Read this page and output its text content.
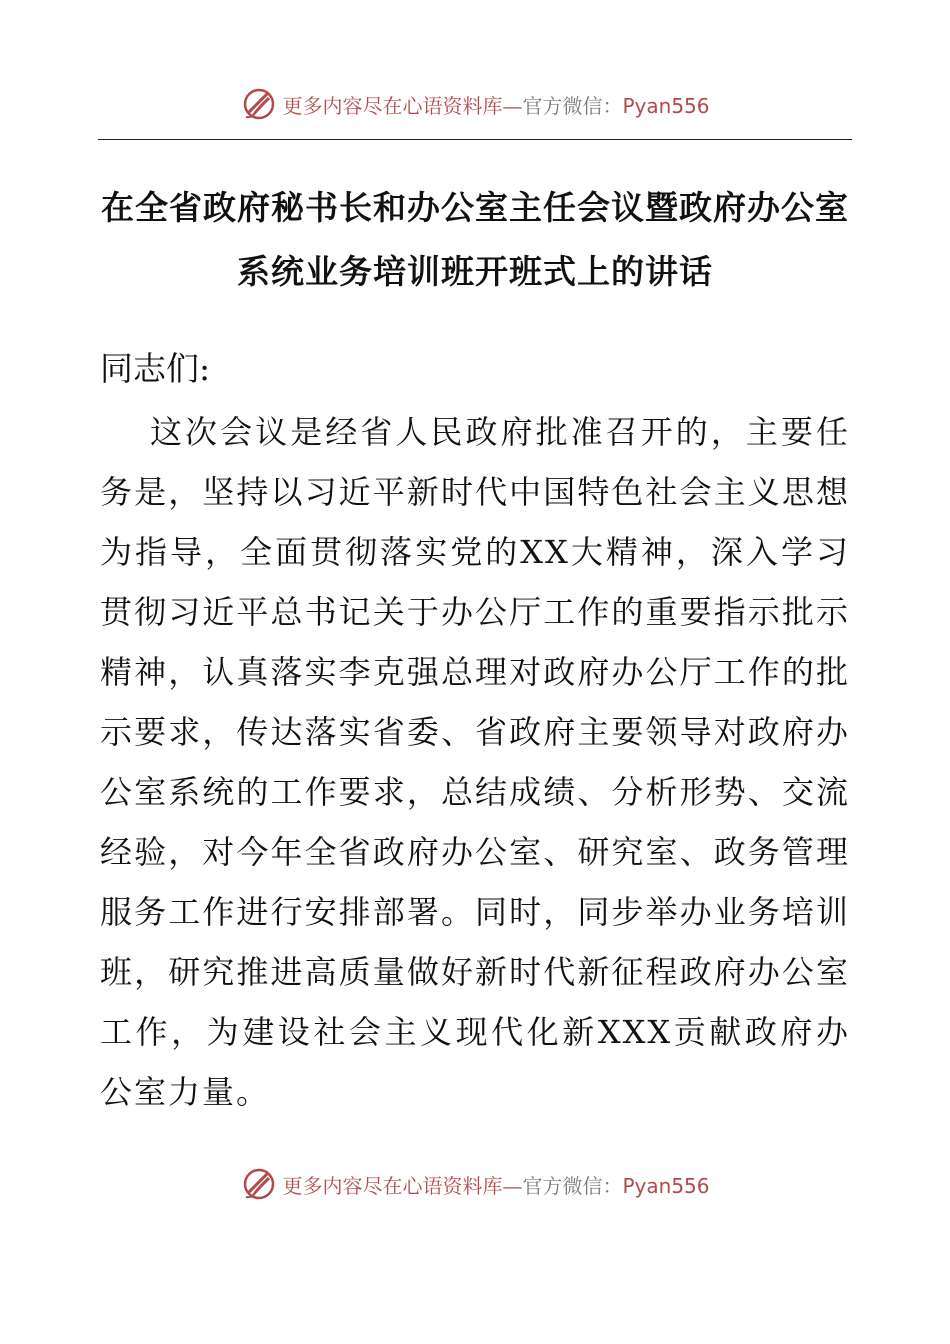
更多内容尽在心语资料库—官方微信：Pyan556
在全省政府秘书长和办公室主任会议暨政府办公室系统业务培训班开班式上的讲话

同志们:

这次会议是经省人民政府批准召开的，主要任务是，坚持以习近平新时代中国特色社会主义思想为指导，全面贯彻落实党的XX大精神，深入学习贯彻习近平总书记关于办公厅工作的重要指示批示精神，认真落实李克强总理对政府办公厅工作的批示要求，传达落实省委、省政府主要领导对政府办公室系统的工作要求，总结成绩、分析形势、交流经验，对今年全省政府办公室、研究室、政务管理服务工作进行安排部署。同时，同步举办业务培训班，研究推进高质量做好新时代新征程政府办公室工作，为建设社会主义现代化新XXX贡献政府办公室力量。

更多内容尽在心语资料库—官方微信：Pyan556
